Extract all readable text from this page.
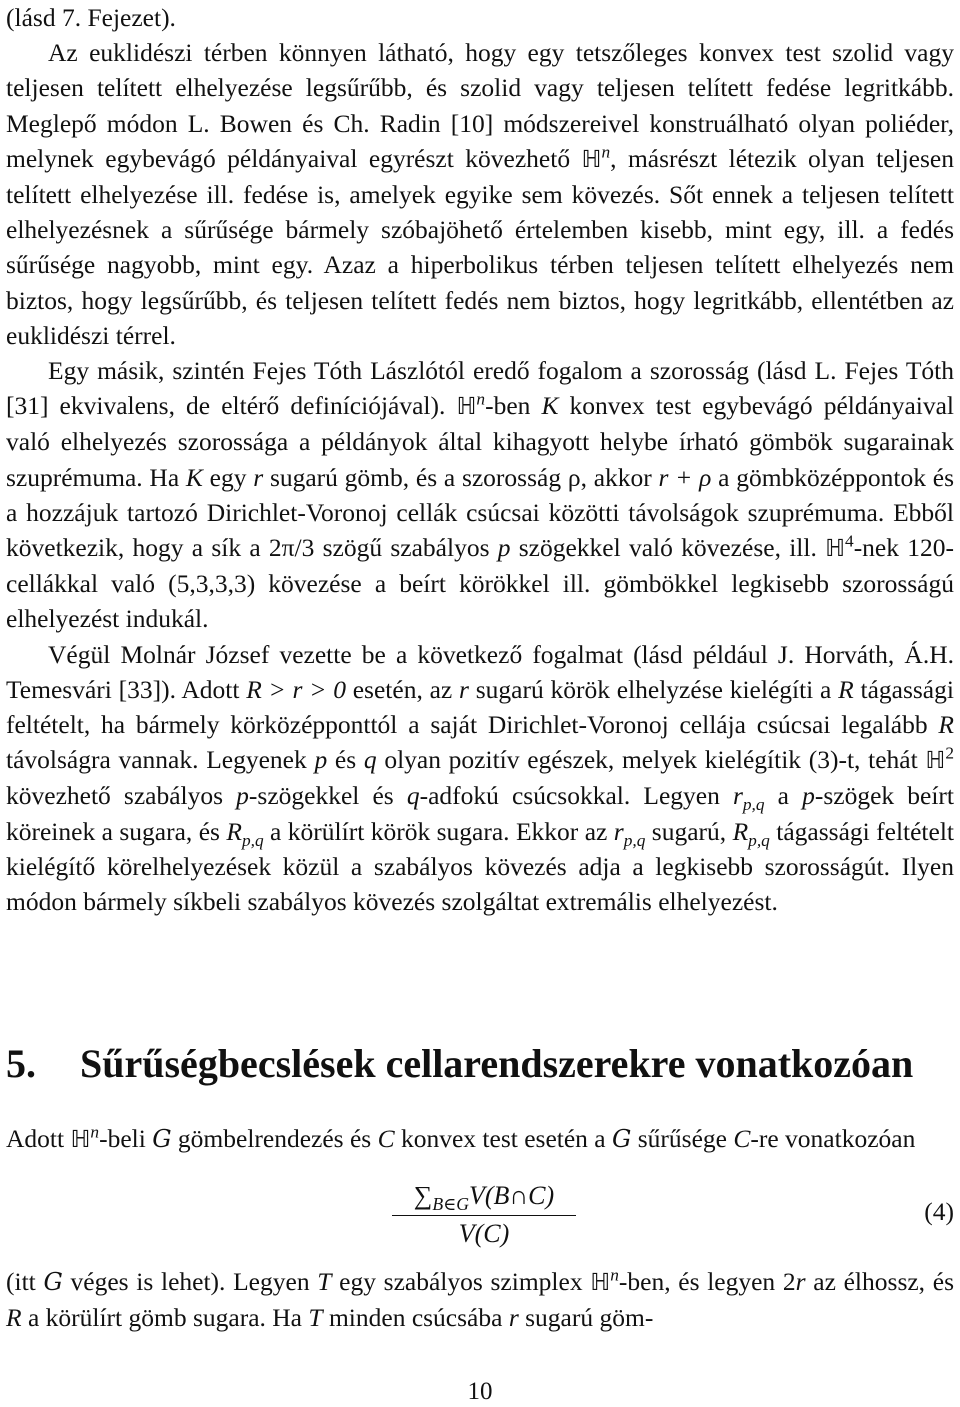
(lásd 7. Fejezet).

Az euklidészi térben könnyen látható, hogy egy tetszőleges konvex test szolid vagy teljesen telített elhelyezése legsűrűbb, és szolid vagy teljesen telített fedése legritkább. Meglepő módon L. Bowen és Ch. Radin [10] módszereivel konstruálható olyan poliéder, melynek egybevágó példányaival egyrészt kövezhető ℍ$^n$, másrészt létezik olyan teljesen telített elhelyezése ill. fedése is, amelyek egyike sem kövezés. Sőt ennek a teljesen telített elhelyezésnek a sűrűsége bármely szóbajöhető értelemben kisebb, mint egy, ill. a fedés sűrűsége nagyobb, mint egy. Azaz a hiperbolikus térben teljesen telített elhelyezés nem biztos, hogy legsűrűbb, és teljesen telített fedés nem biztos, hogy legritkább, ellentétben az euklidészi térrel.

Egy másik, szintén Fejes Tóth Lászlótól eredő fogalom a szorosság (lásd L. Fejes Tóth [31] ekvivalens, de eltérő definíciójával). ℍ$^n$-ben K konvex test egybevágó példányaival való elhelyezés szorossága a példányok által kihagyott helybe írható gömbök sugarainak szuprémuma. Ha K egy r sugarú gömb, és a szorosság ρ, akkor r + ρ a gömbközéppontok és a hozzájuk tartozó Dirichlet-Voronoj cellák csúcsai közötti távolságok szuprémuma. Ebből következik, hogy a sík a 2π/3 szögű szabályos p szögekkel való kövezése, ill. ℍ$^4$-nek 120-cellákkal való (5,3,3,3) kövezése a beírt körökkel ill. gömbökkel legkisebb szorosságú elhelyezést indukál.

Végül Molnár József vezette be a következő fogalmat (lásd például J. Horváth, Á.H. Temesvári [33]). Adott R > r > 0 esetén, az r sugarú körök elhelyzése kielégíti a R tágassági feltételt, ha bármely körközépponttól a saját Dirichlet-Voronoj cellája csúcsai legalább R távolságra vannak. Legyenek p és q olyan pozitív egészek, melyek kielégítik (3)-t, tehát ℍ$^2$ kövezhető szabályos p-szögekkel és q-adfokú csúcsokkal. Legyen $r_{p,q}$ a p-szögek beírt köreinek a sugara, és $R_{p,q}$ a körülírt körök sugara. Ekkor az $r_{p,q}$ sugarú, $R_{p,q}$ tágassági feltételt kielégítő körelhelyezések közül a szabályos kövezés adja a legkisebb szorosságút. Ilyen módon bármely síkbeli szabályos kövezés szolgáltat extremális elhelyezést.

5. Sűrűségbecslések cellarendszerekre vonatkozóan

Adott ℍ$^n$-beli G gömbelrendezés és C konvex test esetén a G sűrűsége C-re vonatkozóan

$\sum_{B\in G}V(B\cap C)$
V(C)
(4)

(itt G véges is lehet). Legyen T egy szabályos szimplex ℍ$^n$-ben, és legyen 2r az élhossz, és R a körülírt gömb sugara. Ha T minden csúcsába r sugarú göm-

10
